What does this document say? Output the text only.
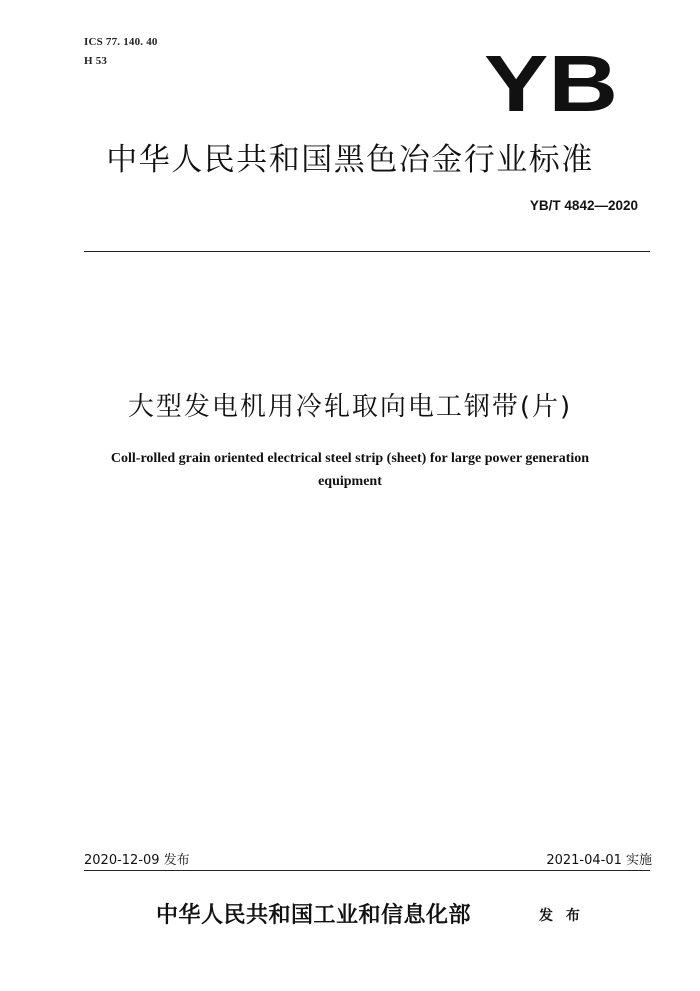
ICS 77. 140. 40
H 53	YB
中华人民共和国黑色冶金行业标准
YB/T 4842—2020
大型发电机用冷轧取向电工钢带(片)
Coll-rolled grain oriented electrical steel strip (sheet) for large power generation equipment
2020-12-09 发布	2021-04-01 实施
中华人民共和国工业和信息化部	发 布
